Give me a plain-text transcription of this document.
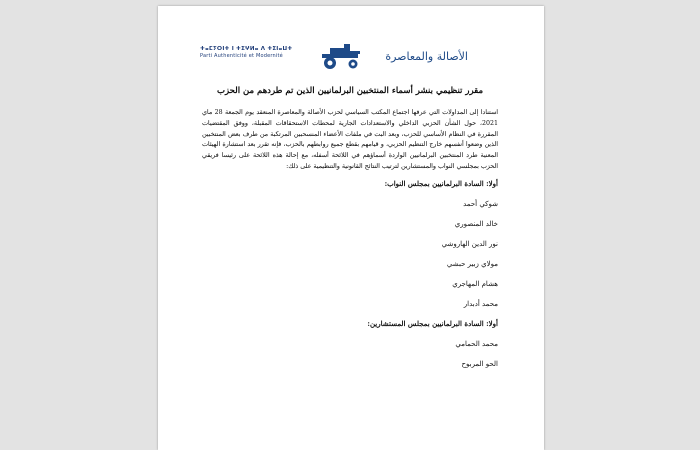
ⵜⴰⵎⵢⵔⵏⵜ ⵏ ⵜⵉⵖⵍⴰ ⴷ ⵜⵉⵏⴰⵡⵜ
Parti Authenticité et Modernité	الأصالة والمعاصرة

مقرر تنظيمي بنشر أسماء المنتخبين البرلمانيين الذين تم طردهم من الحزب

استنادا إلى المداولات التي عرفها اجتماع المكتب السياسي لحزب الأصالة والمعاصرة المنعقد يوم الجمعة 28 ماي 2021، حول الشأن الحزبي الداخلي والاستعدادات الجارية لمحطات الاستحقاقات المقبلة، ووفق المقتضيات المقررة في النظام الأساسي للحزب، وبعد البت في ملفات الأعضاء المنسحبين المرتكبة من طرف بعض المنتخبين الذين وضعوا أنفسهم خارج التنظيم الحزبي، و قيامهم بقطع جميع روابطهم بالحزب، فإنه تقرر بعد استشارة الهيئات المعنية طرد المنتخبين البرلمانيين الواردة أسماؤهم في اللائحة أسفله، مع إحالة هذه اللائحة على رئيسا فريقي الحزب بمجلسي النواب والمستشارين لترتيب النتائج القانونية والتنظيمية على ذلك:

أولا: السادة البرلمانيين بمجلس النواب:

شوكي أحمد
خالد المنصوري
نور الدين الهاروشي
مولاي زبير حبشي
هشام المهاجري
محمد أدبدار

أولا: السادة البرلمانيين بمجلس المستشارين:

محمد الحمامي
الحو المربوح
